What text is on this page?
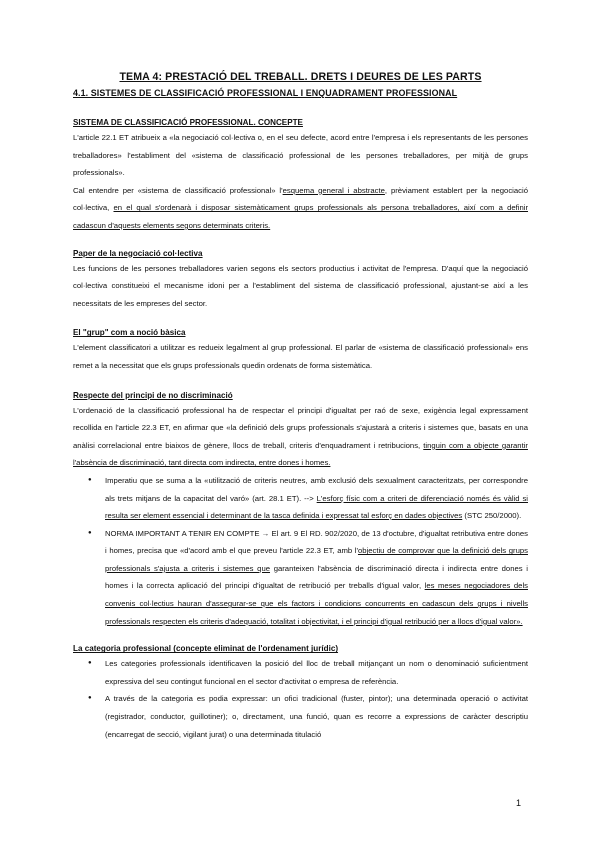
TEMA 4: PRESTACIÓ DEL TREBALL. DRETS I DEURES DE LES PARTS
4.1. SISTEMES DE CLASSIFICACIÓ PROFESSIONAL I ENQUADRAMENT PROFESSIONAL
SISTEMA DE CLASSIFICACIÓ PROFESSIONAL. CONCEPTE

L'article 22.1 ET atribueix a «la negociació col·lectiva o, en el seu defecte, acord entre l'empresa i els representants de les persones treballadores» l'establiment del «sistema de classificació professional de les persones treballadores, per mitjà de grups professionals».

Cal entendre per «sistema de classificació professional» l'esquema general i abstracte, prèviament establert per la negociació col·lectiva, en el qual s'ordenarà i disposar sistemàticament grups professionals als persona treballadores, així com a definir cadascun d'aquests elements segons determinats criteris.

Paper de la negociació col·lectiva

Les funcions de les persones treballadores varien segons els sectors productius i activitat de l'empresa. D'aquí que la negociació col·lectiva constitueixi el mecanisme idoni per a l'establiment del sistema de classificació professional, ajustant-se així a les necessitats de les empreses del sector.

El "grup" com a noció bàsica

L'element classificatori a utilitzar es redueix legalment al grup professional. El parlar de «sistema de classificació professional» ens remet a la necessitat que els grups professionals quedin ordenats de forma sistemàtica.

Respecte del principi de no discriminació

L'ordenació de la classificació professional ha de respectar el principi d'igualtat per raó de sexe, exigència legal expressament recollida en l'article 22.3 ET, en afirmar que «la definició dels grups professionals s'ajustarà a criteris i sistemes que, basats en una anàlisi correlacional entre biaixos de gènere, llocs de treball, criteris d'enquadrament i retribucions, tinguin com a objecte garantir l'absència de discriminació, tant directa com indirecta, entre dones i homes.

● Imperatiu que se suma a la «utilització de criteris neutres, amb exclusió dels sexualment caracteritzats, per correspondre als trets mitjans de la capacitat del varó» (art. 28.1 ET). --> L'esforç físic com a criteri de diferenciació només és vàlid si resulta ser element essencial i determinant de la tasca definida i expressat tal esforç en dades objectives (STC 250/2000).
● NORMA IMPORTANT A TENIR EN COMPTE → El art. 9 El RD. 902/2020, de 13 d'octubre, d'igualtat retributiva entre dones i homes, precisa que «d'acord amb el que preveu l'article 22.3 ET, amb l'objectiu de comprovar que la definició dels grups professionals s'ajusta a criteris i sistemes que garanteixen l'absència de discriminació directa i indirecta entre dones i homes i la correcta aplicació del principi d'igualtat de retribució per treballs d'igual valor, les meses negociadores dels convenis col·lectius hauran d'assegurar-se que els factors i condicions concurrents en cadascun dels grups i nivells professionals respecten els criteris d'adequació, totalitat i objectivitat, i el principi d'igual retribució per a llocs d'igual valor».
La categoria professional (concepte eliminat de l'ordenament jurídic)
● Les categories professionals identificaven la posició del lloc de treball mitjançant un nom o denominació suficientment expressiva del seu contingut funcional en el sector d'activitat o empresa de referència.
● A través de la categoria es podia expressar: un ofici tradicional (fuster, pintor); una determinada operació o activitat (registrador, conductor, guillotiner); o, directament, una funció, quan es recorre a expressions de caràcter descriptiu (encarregat de secció, vigilant jurat) o una determinada titulació
1
